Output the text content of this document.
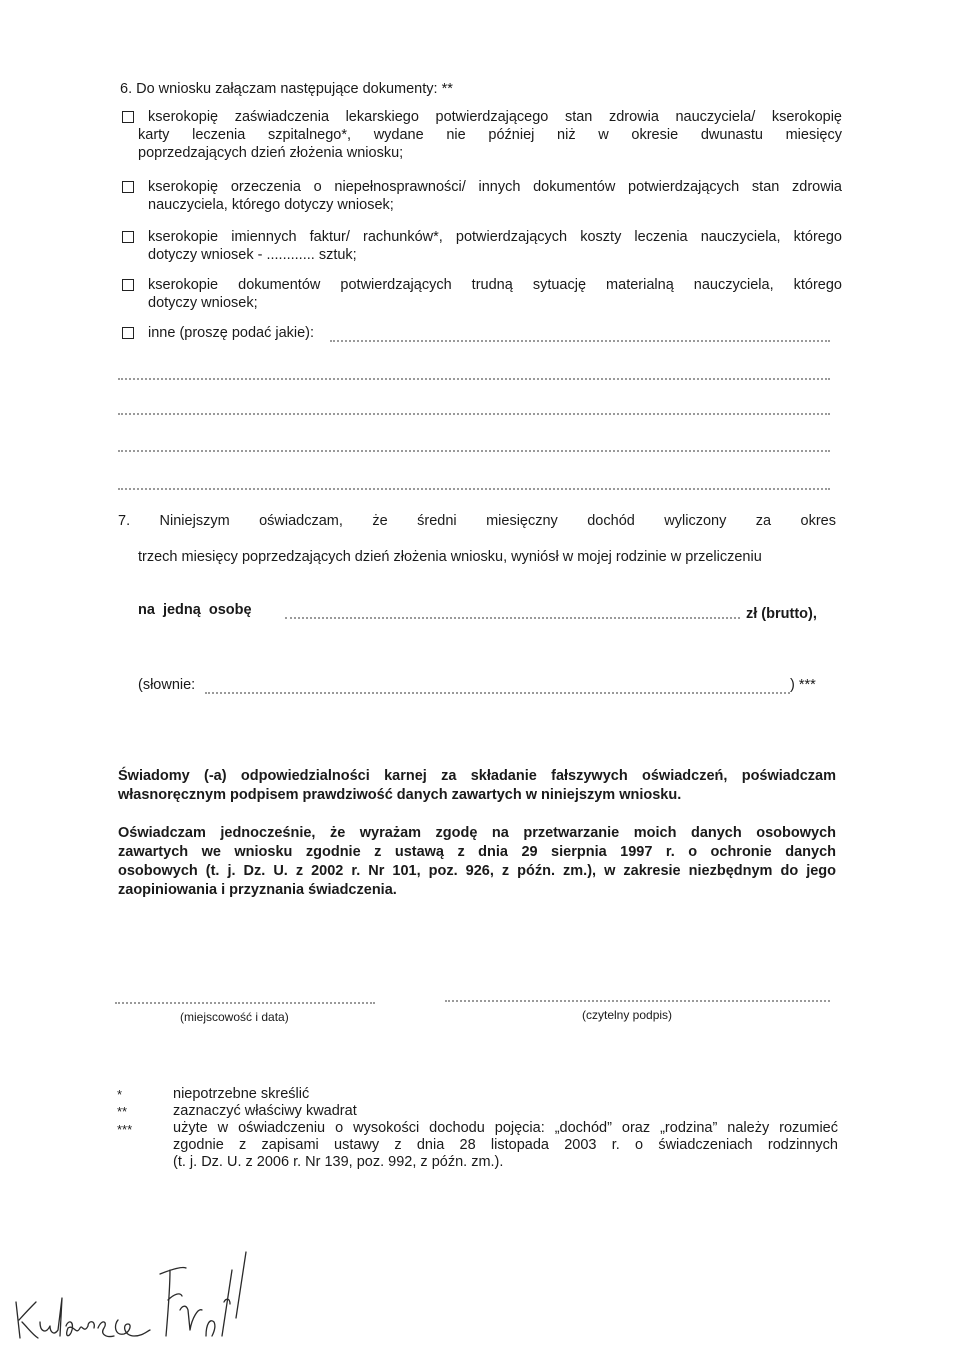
6. Do wniosku załączam następujące dokumenty: **
kserokopię zaświadczenia lekarskiego potwierdzającego stan zdrowia nauczyciela/ kserokopię
karty leczenia szpitalnego*, wydane nie później niż w okresie dwunastu miesięcy
poprzedzających dzień złożenia wniosku;
kserokopię orzeczenia o niepełnosprawności/ innych dokumentów potwierdzających stan zdrowia
nauczyciela, którego dotyczy wniosek;
kserokopie imiennych faktur/ rachunków*, potwierdzających koszty leczenia nauczyciela, którego
dotyczy wniosek - ............ sztuk;
kserokopie dokumentów potwierdzających trudną sytuację materialną nauczyciela, którego
dotyczy wniosek;
inne (proszę podać jakie):
7. Niniejszym oświadczam, że średni miesięczny dochód wyliczony za okres
trzech miesięcy poprzedzających dzień złożenia wniosku, wyniósł w mojej rodzinie w przeliczeniu
na jedną osobę	zł (brutto),
(słownie:	) ***
Świadomy (-a) odpowiedzialności karnej za składanie fałszywych oświadczeń, poświadczam
własnoręcznym podpisem prawdziwość danych zawartych w niniejszym wniosku.
Oświadczam jednocześnie, że wyrażam zgodę na przetwarzanie moich danych osobowych
zawartych we wniosku zgodnie z ustawą z dnia 29 sierpnia 1997 r. o ochronie danych
osobowych (t. j. Dz. U. z 2002 r. Nr 101, poz. 926, z późn. zm.), w zakresie niezbędnym do jego
zaopiniowania i przyznania świadczenia.
(miejscowość i data)	(czytelny podpis)
*	niepotrzebne skreślić
**	zaznaczyć właściwy kwadrat
***	użyte w oświadczeniu o wysokości dochodu pojęcia: „dochód” oraz „rodzina” należy rozumieć
zgodnie z zapisami ustawy z dnia 28 listopada 2003 r. o świadczeniach rodzinnych
(t. j. Dz. U. z 2006 r. Nr 139, poz. 992, z późn. zm.).
